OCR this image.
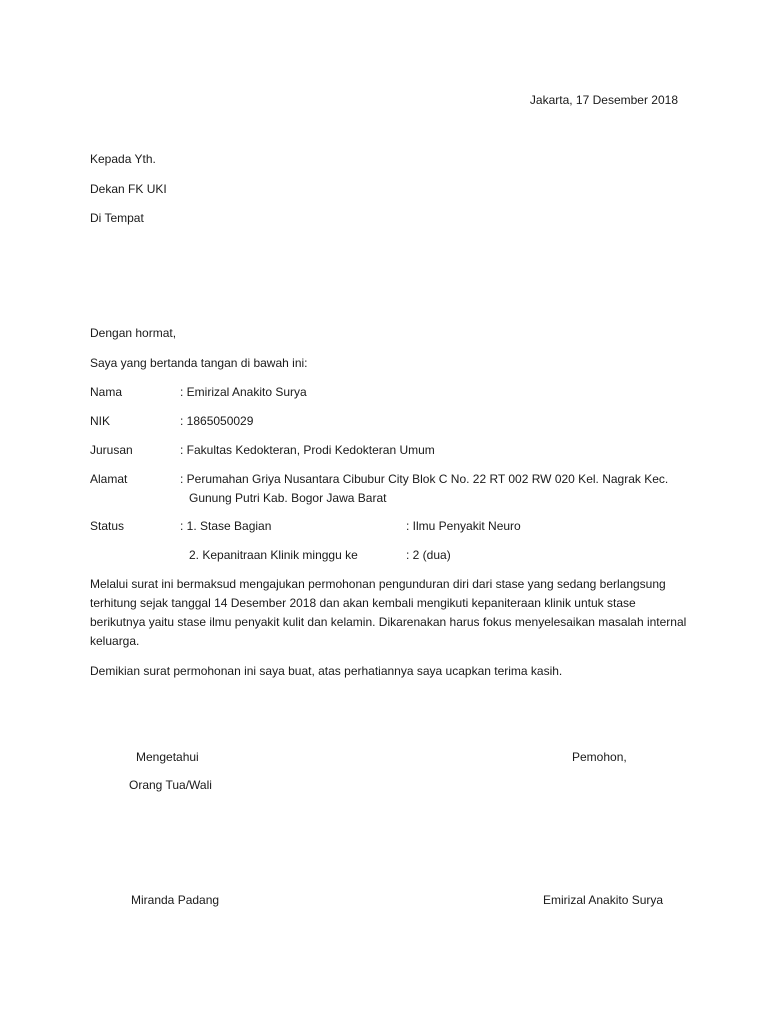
Jakarta, 17 Desember 2018
Kepada Yth.
Dekan FK UKI
Di Tempat
Dengan hormat,
Saya yang bertanda tangan di bawah ini:
Nama	: Emirizal Anakito Surya
NIK	: 1865050029
Jurusan	: Fakultas Kedokteran, Prodi Kedokteran Umum
Alamat	: Perumahan Griya Nusantara Cibubur City Blok C No. 22 RT 002 RW 020 Kel. Nagrak Kec.
Gunung Putri Kab. Bogor Jawa Barat
Status	: 1. Stase Bagian	: Ilmu Penyakit Neuro
2. Kepanitraan Klinik minggu ke	: 2 (dua)
Melalui surat ini bermaksud mengajukan permohonan pengunduran diri dari stase yang sedang berlangsung terhitung sejak tanggal 14 Desember 2018 dan akan kembali mengikuti kepaniteraan klinik untuk stase berikutnya yaitu stase ilmu penyakit kulit dan kelamin. Dikarenakan harus fokus menyelesaikan masalah internal keluarga.
Demikian surat permohonan ini saya buat, atas perhatiannya saya ucapkan terima kasih.
Mengetahui
Orang Tua/Wali
Pemohon,
Miranda Padang	Emirizal Anakito Surya
